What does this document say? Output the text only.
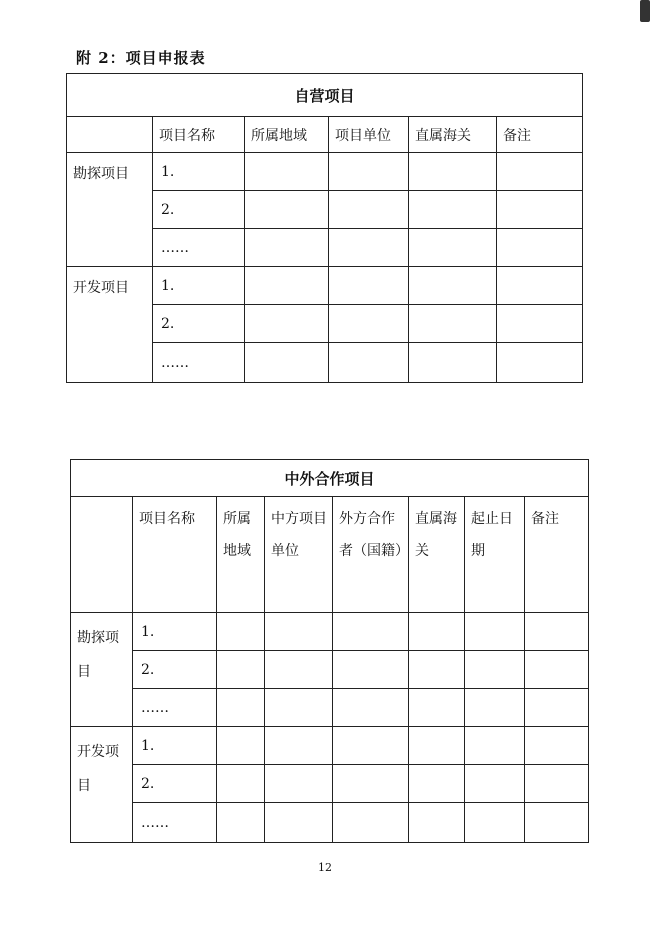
附 2：项目申报表
自营项目					
	项目名称	所属地域	项目单位	直属海关	备注
勘探项目	1.				
	2.				
	……				
开发项目	1.				
	2.				
	……				
中外合作项目							
	项目名称	所属地域	中方项目单位	外方合作者（国籍）	直属海关	起止日期	备注
勘探项目	1.						
	2.						
	……						
开发项目	1.						
	2.						
	……						
12
